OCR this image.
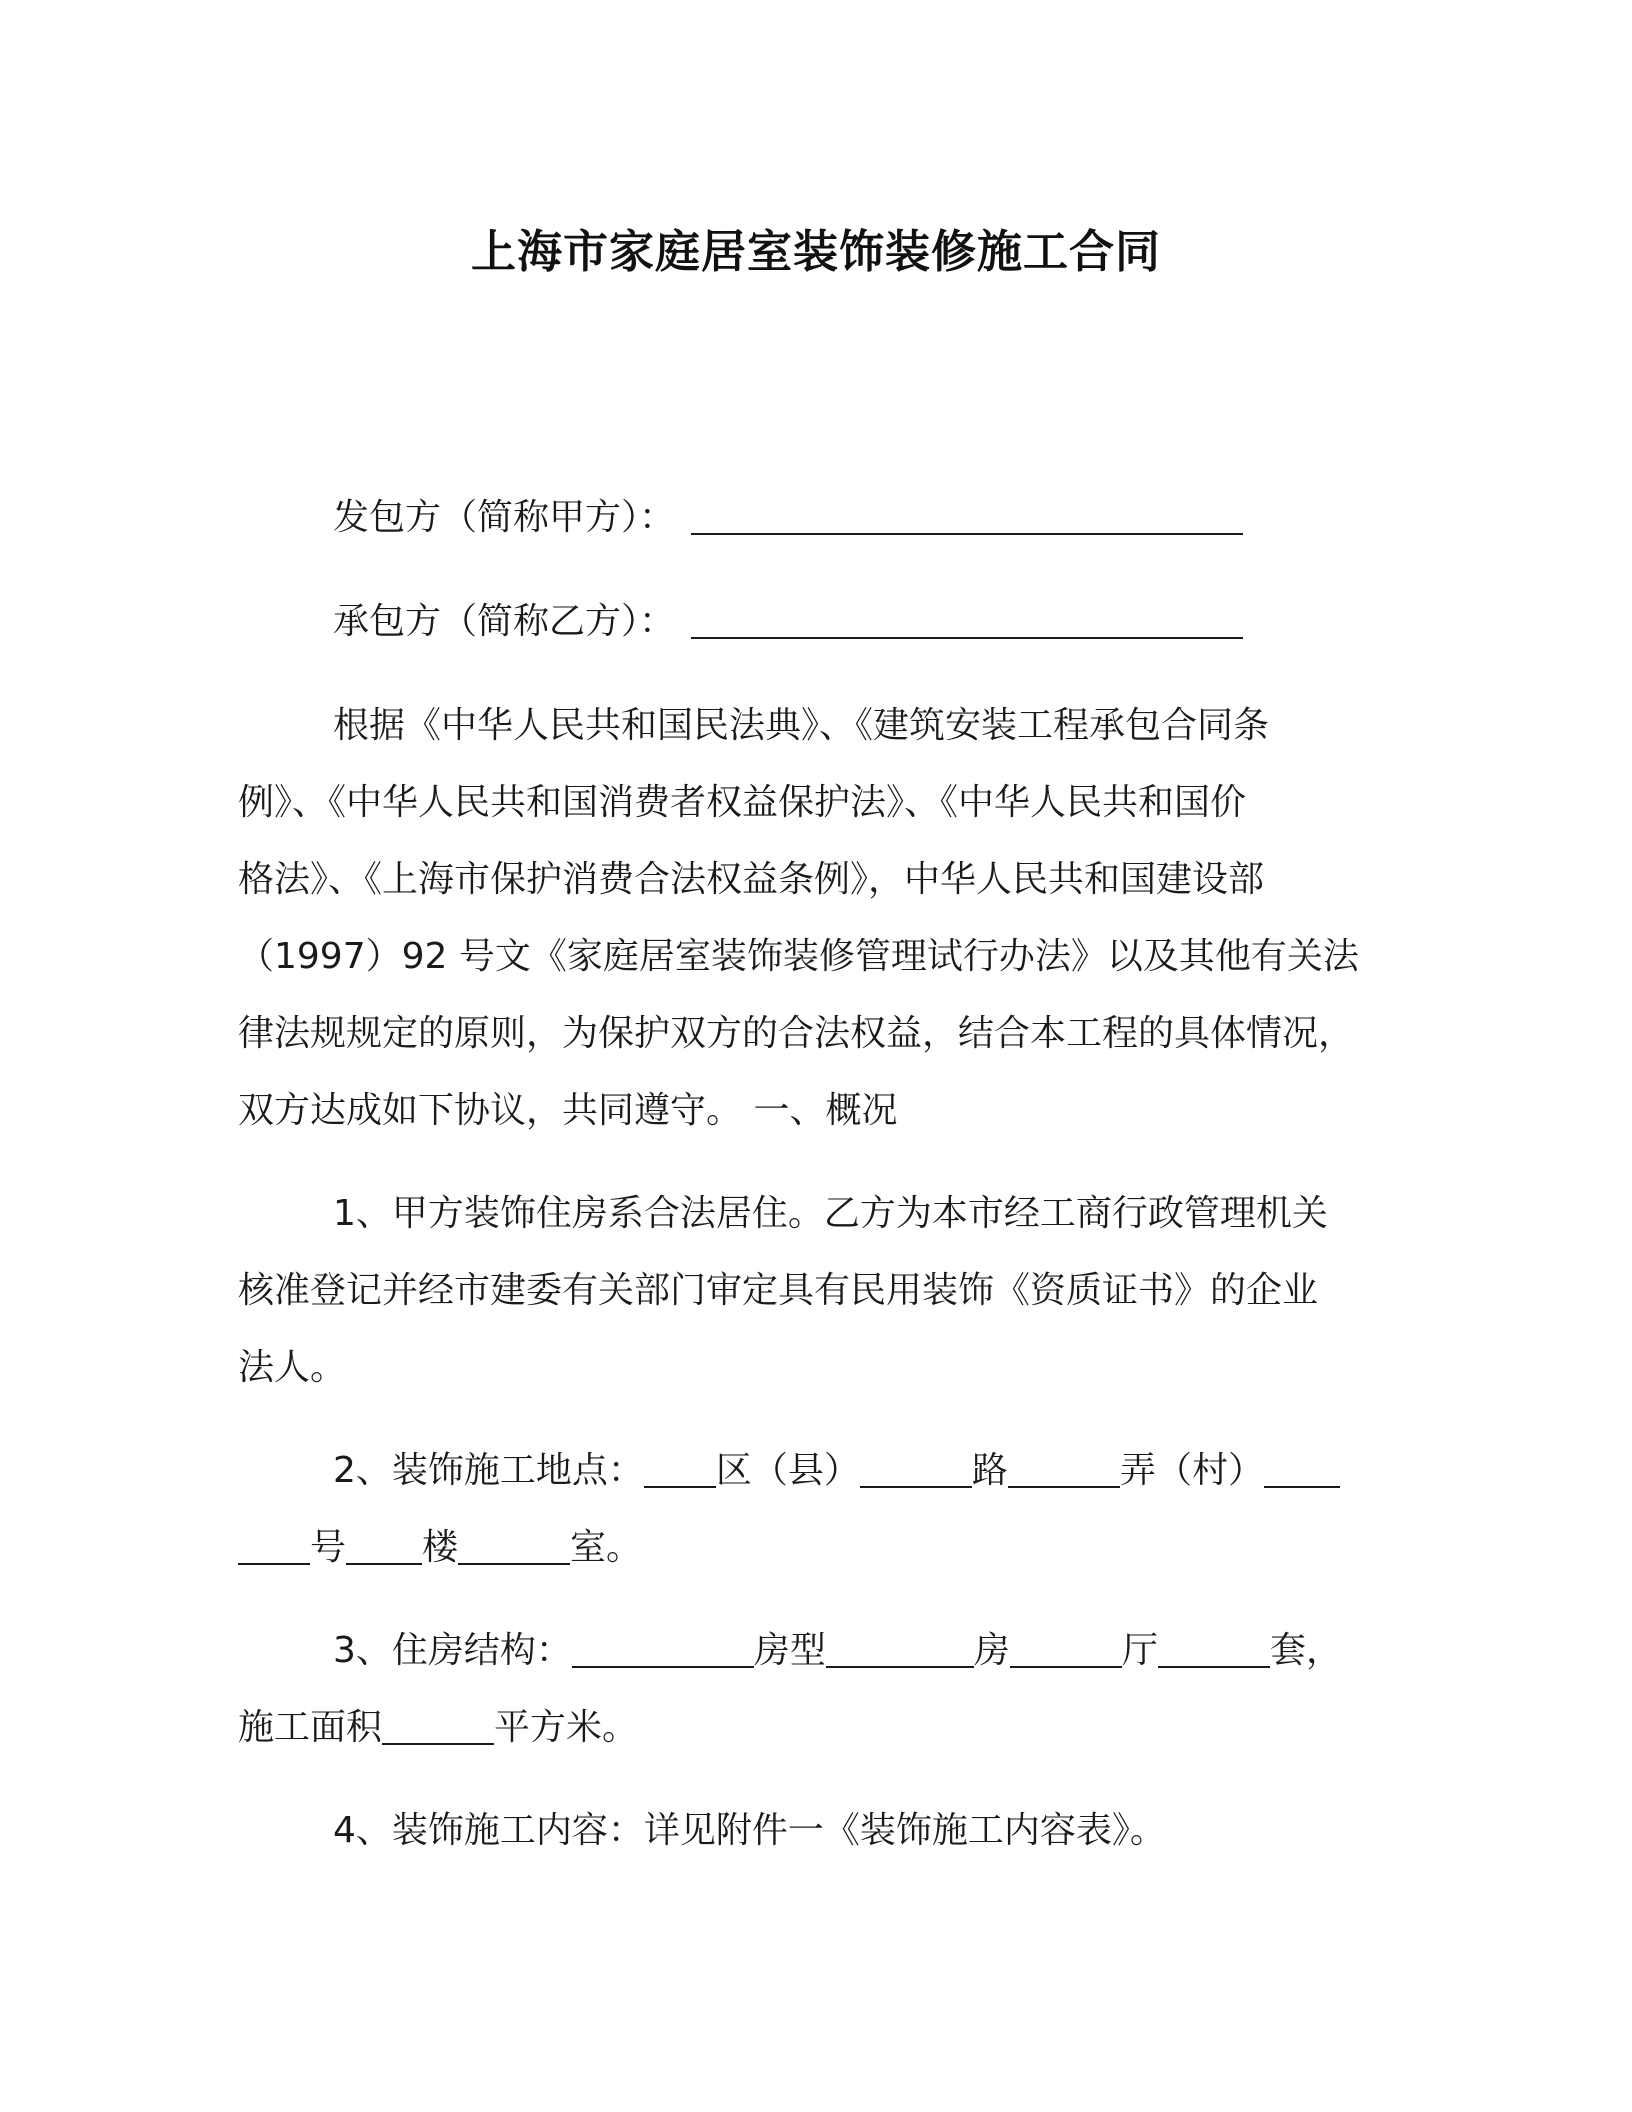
上海市家庭居室装饰装修施工合同
发包方（简称甲方）：
承包方（简称乙方）：
根据《中华人民共和国民法典》、《建筑安装工程承包合同条
例》、《中华人民共和国消费者权益保护法》、《中华人民共和国价
格法》、《上海市保护消费合法权益条例》，中华人民共和国建设部
（1997）92 号文《家庭居室装饰装修管理试行办法》以及其他有关法
律法规规定的原则，为保护双方的合法权益，结合本工程的具体情况，
双方达成如下协议，共同遵守。 一、概况
1、甲方装饰住房系合法居住。乙方为本市经工商行政管理机关
核准登记并经市建委有关部门审定具有民用装饰《资质证书》的企业
法人。
2、装饰施工地点： 区（县）	路	弄（村）
号 楼	室。
3、住房结构：	房型	房	厅	套，
施工面积	平方米。
4、装饰施工内容：详见附件一《装饰施工内容表》。
